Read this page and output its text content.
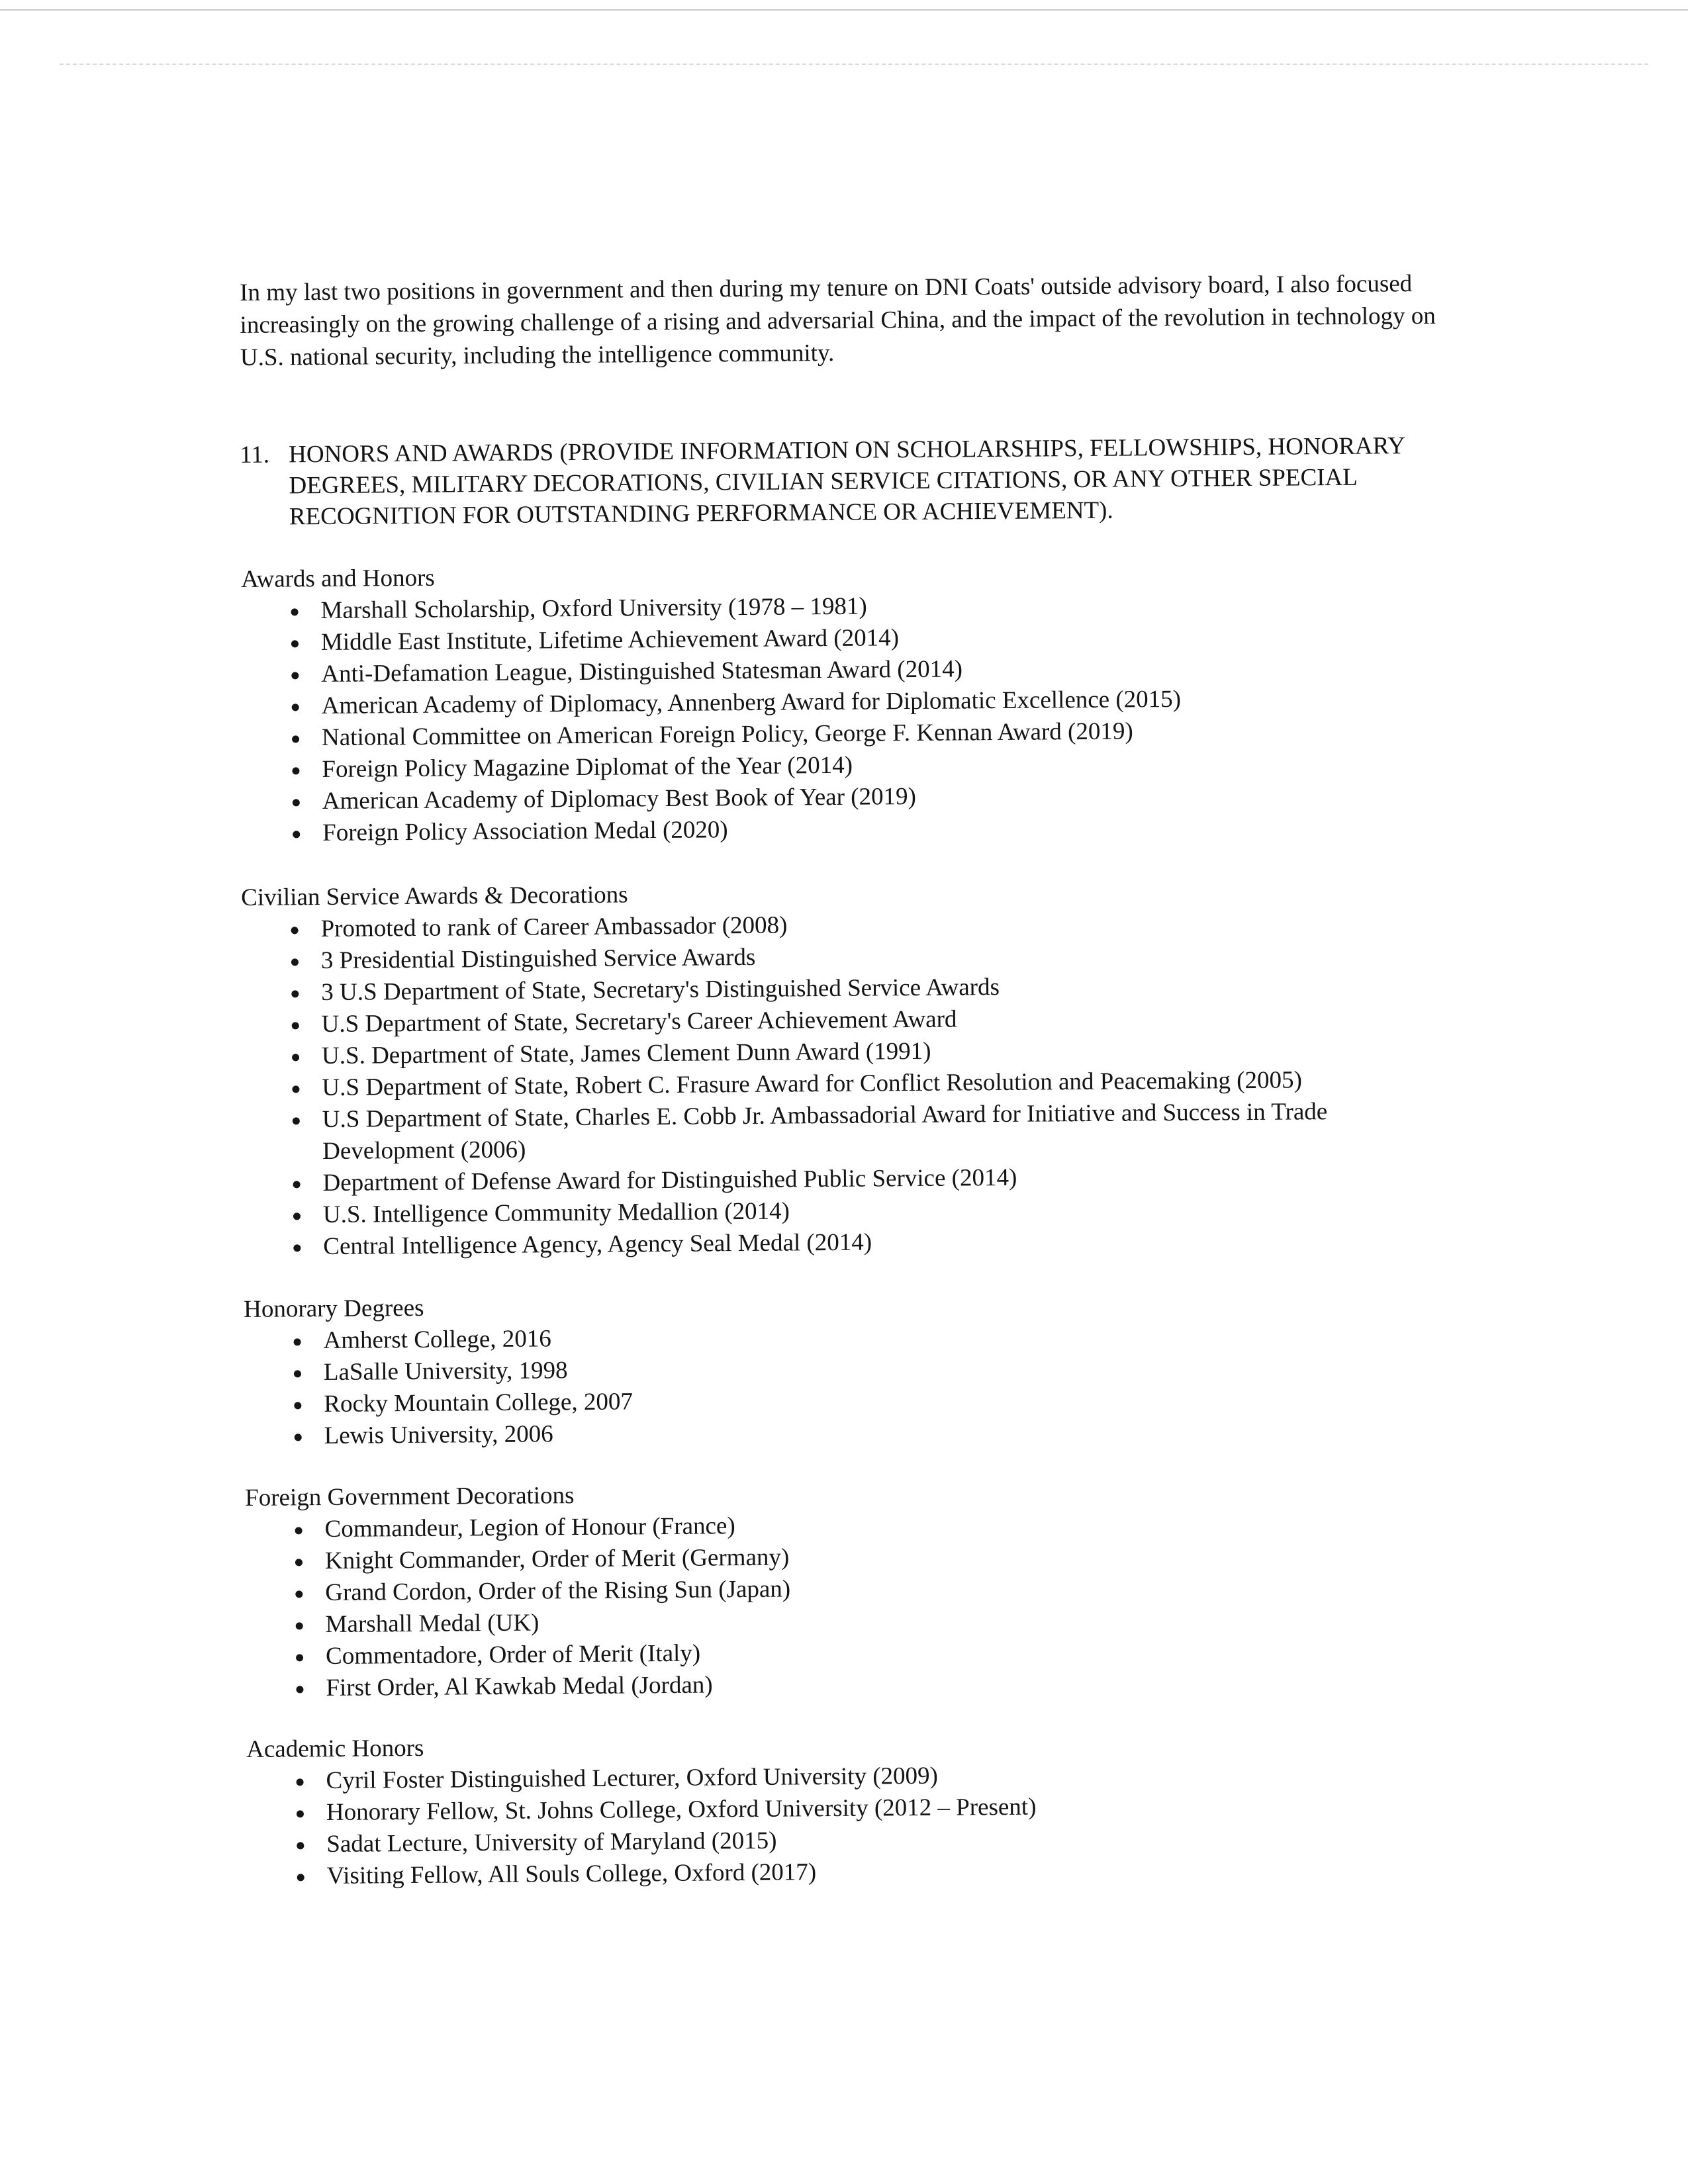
In my last two positions in government and then during my tenure on DNI Coats' outside advisory board, I also focused increasingly on the growing challenge of a rising and adversarial China, and the impact of the revolution in technology on U.S. national security, including the intelligence community.

11. HONORS AND AWARDS (PROVIDE INFORMATION ON SCHOLARSHIPS, FELLOWSHIPS, HONORARY DEGREES, MILITARY DECORATIONS, CIVILIAN SERVICE CITATIONS, OR ANY OTHER SPECIAL RECOGNITION FOR OUTSTANDING PERFORMANCE OR ACHIEVEMENT).

Awards and Honors

Marshall Scholarship, Oxford University (1978 – 1981)
Middle East Institute, Lifetime Achievement Award (2014)
Anti-Defamation League, Distinguished Statesman Award (2014)
American Academy of Diplomacy, Annenberg Award for Diplomatic Excellence (2015)
National Committee on American Foreign Policy, George F. Kennan Award (2019)
Foreign Policy Magazine Diplomat of the Year (2014)
American Academy of Diplomacy Best Book of Year (2019)
Foreign Policy Association Medal (2020)

Civilian Service Awards & Decorations

Promoted to rank of Career Ambassador (2008)
3 Presidential Distinguished Service Awards
3 U.S Department of State, Secretary's Distinguished Service Awards
U.S Department of State, Secretary's Career Achievement Award
U.S. Department of State, James Clement Dunn Award (1991)
U.S Department of State, Robert C. Frasure Award for Conflict Resolution and Peacemaking (2005)
U.S Department of State, Charles E. Cobb Jr. Ambassadorial Award for Initiative and Success in Trade Development (2006)
Department of Defense Award for Distinguished Public Service (2014)
U.S. Intelligence Community Medallion (2014)
Central Intelligence Agency, Agency Seal Medal (2014)

Honorary Degrees

Amherst College, 2016
LaSalle University, 1998
Rocky Mountain College, 2007
Lewis University, 2006

Foreign Government Decorations

Commandeur, Legion of Honour (France)
Knight Commander, Order of Merit (Germany)
Grand Cordon, Order of the Rising Sun (Japan)
Marshall Medal (UK)
Commentadore, Order of Merit (Italy)
First Order, Al Kawkab Medal (Jordan)

Academic Honors

Cyril Foster Distinguished Lecturer, Oxford University (2009)
Honorary Fellow, St. Johns College, Oxford University (2012 – Present)
Sadat Lecture, University of Maryland (2015)
Visiting Fellow, All Souls College, Oxford (2017)
